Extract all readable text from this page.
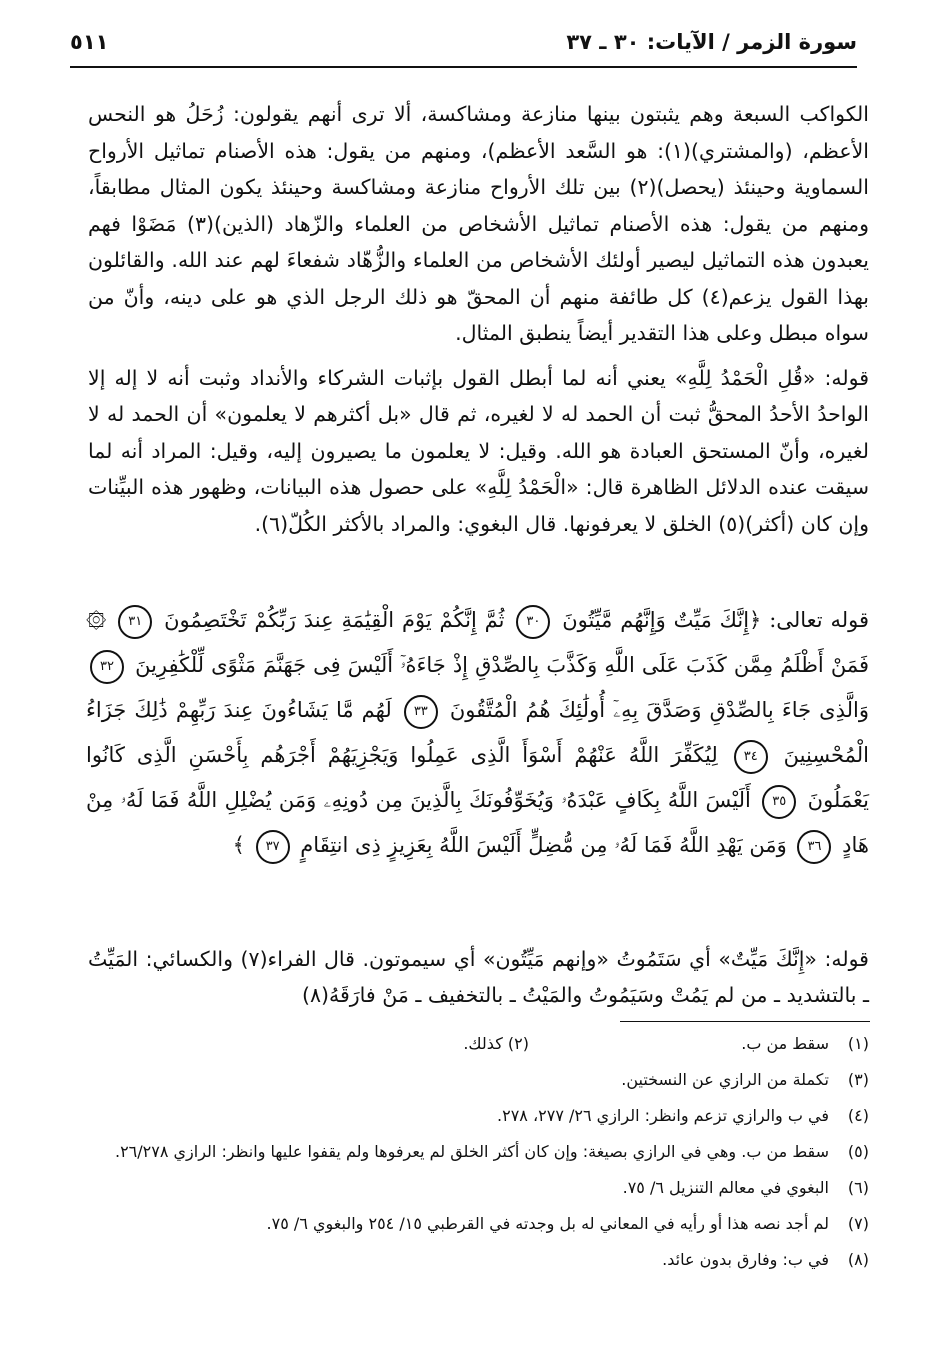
سورة الزمر / الآيات: ٣٠ ـ ٣٧
٥١١

الكواكب السبعة وهم يثبتون بينها منازعة ومشاكسة، ألا ترى أنهم يقولون: زُحَلُ هو النحس الأعظم، (والمشتري)(١): هو السَّعد الأعظم)، ومنهم من يقول: هذه الأصنام تماثيل الأرواح السماوية وحينئذ (يحصل)(٢) بين تلك الأرواح منازعة ومشاكسة وحينئذ يكون المثال مطابقاً، ومنهم من يقول: هذه الأصنام تماثيل الأشخاص من العلماء والزّهاد (الذين)(٣) مَضَوْا فهم يعبدون هذه التماثيل ليصير أولئك الأشخاص من العلماء والزُّهّاد شفعاءَ لهم عند الله. والقائلون بهذا القول يزعم(٤) كل طائفة منهم أن المحقّ هو ذلك الرجل الذي هو على دينه، وأنّ من سواه مبطل وعلى هذا التقدير أيضاً ينطبق المثال.

قوله: «قُلِ الْحَمْدُ لِلَّهِ» يعني أنه لما أبطل القول بإثبات الشركاء والأنداد وثبت أنه لا إله إلا الواحدُ الأحدُ المحقُّ ثبت أن الحمد له لا لغيره، ثم قال «بل أكثرهم لا يعلمون» أن الحمد له لا لغيره، وأنّ المستحق العبادة هو الله. وقيل: لا يعلمون ما يصيرون إليه، وقيل: المراد أنه لما سيقت عنده الدلائل الظاهرة قال: «الْحَمْدُ لِلَّهِ» على حصول هذه البيانات، وظهور هذه البيِّنات وإن كان (أكثر)(٥) الخلق لا يعرفونها. قال البغوي: والمراد بالأكثر الكُلّ(٦).

قوله تعالى: ﴿إِنَّكَ مَيِّتٌ وَإِنَّهُم مَّيِّتُونَ ٣٠ ثُمَّ إِنَّكُمْ يَوْمَ الْقِيَٰمَةِ عِندَ رَبِّكُمْ تَخْتَصِمُونَ ٣١ ۞ فَمَنْ أَظْلَمُ مِمَّن كَذَبَ عَلَى اللَّهِ وَكَذَّبَ بِالصِّدْقِ إِذْ جَاءَهُۥٓ أَلَيْسَ فِى جَهَنَّمَ مَثْوًى لِّلْكَٰفِرِينَ ٣٢ وَالَّذِى جَاءَ بِالصِّدْقِ وَصَدَّقَ بِهِۦٓ أُولَٰئِكَ هُمُ الْمُتَّقُونَ ٣٣ لَهُم مَّا يَشَاءُونَ عِندَ رَبِّهِمْ ذَٰلِكَ جَزَاءُ الْمُحْسِنِينَ ٣٤ لِيُكَفِّرَ اللَّهُ عَنْهُمْ أَسْوَأَ الَّذِى عَمِلُوا وَيَجْزِيَهُمْ أَجْرَهُم بِأَحْسَنِ الَّذِى كَانُوا يَعْمَلُونَ ٣٥ أَلَيْسَ اللَّهُ بِكَافٍ عَبْدَهُۥ وَيُخَوِّفُونَكَ بِالَّذِينَ مِن دُونِهِۦ وَمَن يُضْلِلِ اللَّهُ فَمَا لَهُۥ مِنْ هَادٍ ٣٦ وَمَن يَهْدِ اللَّهُ فَمَا لَهُۥ مِن مُّضِلٍّ أَلَيْسَ اللَّهُ بِعَزِيزٍ ذِى انتِقَامٍ ٣٧ ﴾

قوله: «إِنَّكَ مَيِّتٌ» أي سَتَمُوتُ «وإنهم مَيِّتُون» أي سيموتون. قال الفراء(٧) والكسائي: المَيِّتُ ـ بالتشديد ـ من لم يَمُتْ وسَيَمُوتُ والمَيْتُ ـ بالتخفيف ـ مَنْ فارَقَهُ(٨)

(١)
سقط من ب.
(٢)

كذلك.
(٣)
تكملة من الرازي عن النسختين.
(٤)
في ب والرازي تزعم وانظر: الرازي ٢٦/ ٢٧٧، ٢٧٨.
(٥)
سقط من ب. وهي في الرازي بصيغة: وإن كان أكثر الخلق لم يعرفوها ولم يقفوا عليها وانظر: الرازي ٢٦/٢٧٨.
(٦)
البغوي في معالم التنزيل ٦/ ٧٥.
(٧)
لم أجد نصه هذا أو رأيه في المعاني له بل وجدته في القرطبي ١٥/ ٢٥٤ والبغوي ٦/ ٧٥.
(٨)
في ب: وفارق بدون عائد.
